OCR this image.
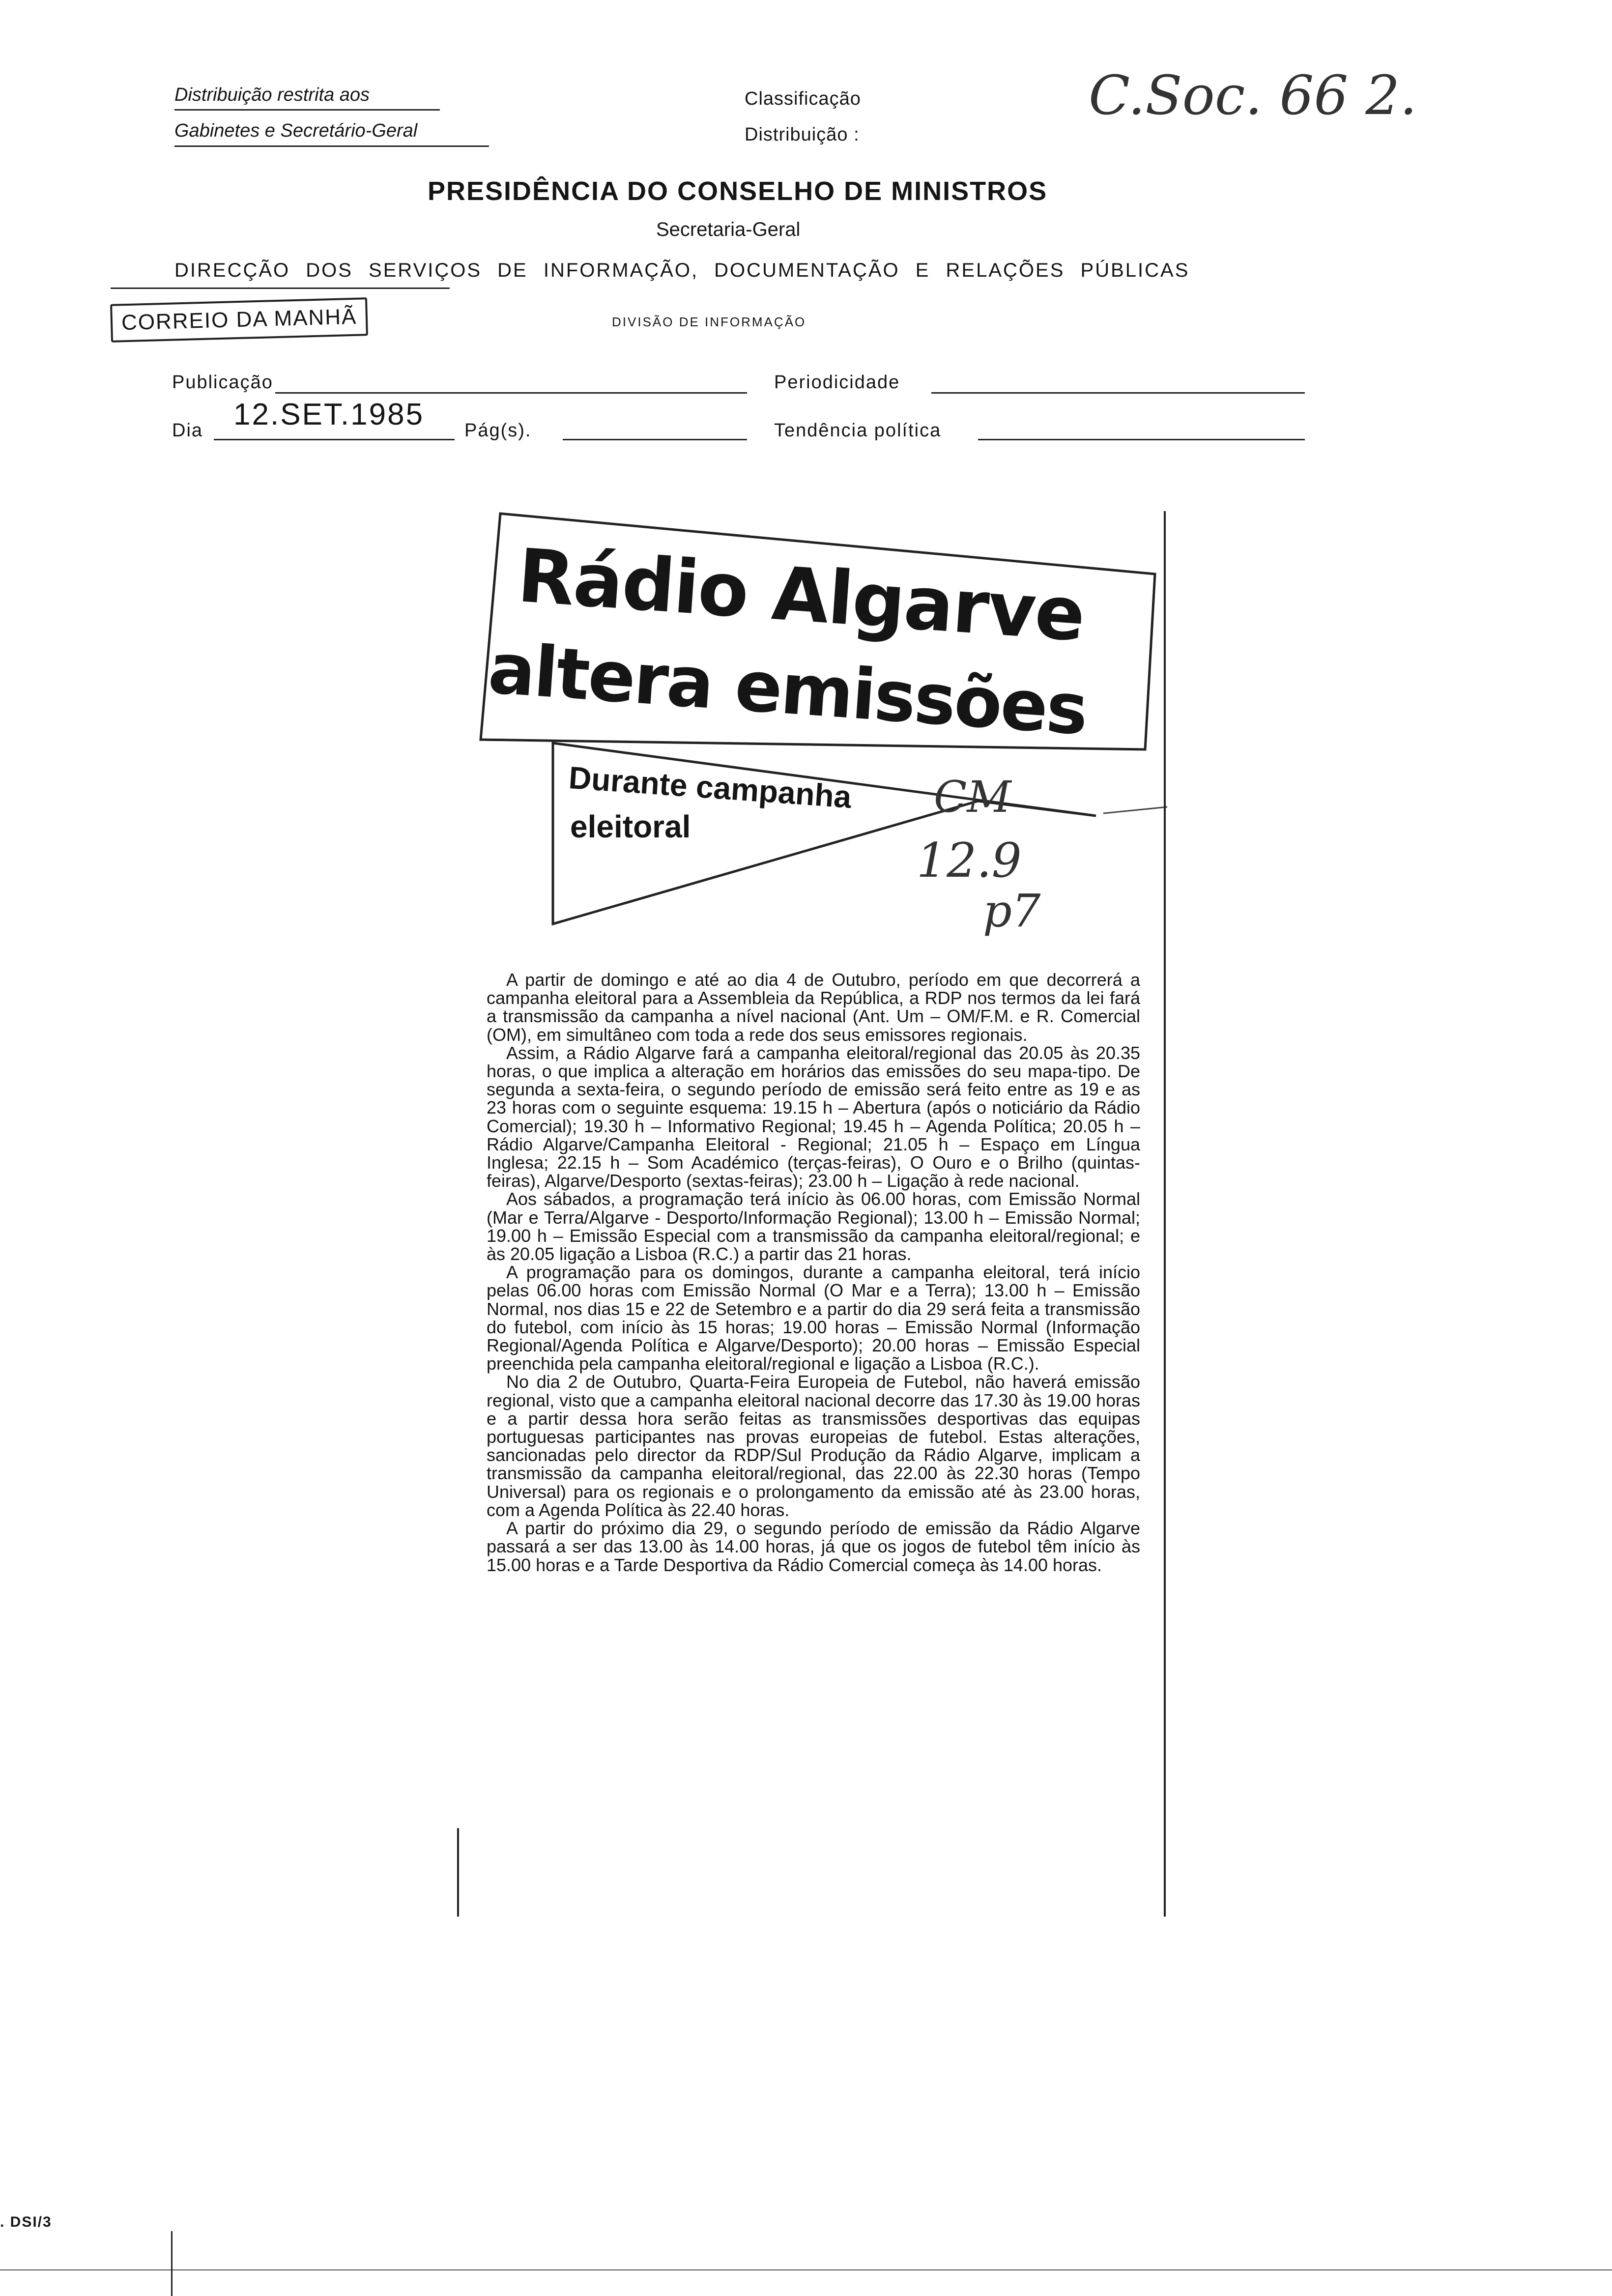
Distribuição restrita aos
Gabinetes e Secretário-Geral
Classificação
Distribuição :
C.Soc. 66 2.
PRESIDÊNCIA DO CONSELHO DE MINISTROS
Secretaria-Geral
DIRECÇÃO DOS SERVIÇOS DE INFORMAÇÃO, DOCUMENTAÇÃO E RELAÇÕES PÚBLICAS
DIVISÃO DE INFORMAÇÃO
CORREIO DA MANHÃ
Publicação	Periodicidade
Dia 12.SET.1985 Pág(s).	Tendência política
Rádio Algarve
altera emissões
Durante campanha
eleitoral
CM
12.9
p7

A partir de domingo e até ao dia 4 de Outubro, período em que decorrerá a campanha eleitoral para a Assembleia da República, a RDP nos termos da lei fará a transmissão da campanha a nível nacional (Ant. Um – OM/F.M. e R. Comercial (OM), em simultâneo com toda a rede dos seus emissores regionais.

Assim, a Rádio Algarve fará a campanha eleitoral/regional das 20.05 às 20.35 horas, o que implica a alteração em horários das emissões do seu mapa-tipo. De segunda a sexta-feira, o segundo período de emissão será feito entre as 19 e as 23 horas com o seguinte esquema: 19.15 h – Abertura (após o noticiário da Rádio Comercial); 19.30 h – Informativo Regional; 19.45 h – Agenda Política; 20.05 h – Rádio Algarve/Campanha Eleitoral - Regional; 21.05 h – Espaço em Língua Inglesa; 22.15 h – Som Académico (terças-feiras), O Ouro e o Brilho (quintas-feiras), Algarve/Desporto (sextas-feiras); 23.00 h – Ligação à rede nacional.

Aos sábados, a programação terá início às 06.00 horas, com Emissão Normal (Mar e Terra/Algarve - Desporto/Informação Regional); 13.00 h – Emissão Normal; 19.00 h – Emissão Especial com a transmissão da campanha eleitoral/regional; e às 20.05 ligação a Lisboa (R.C.) a partir das 21 horas.

A programação para os domingos, durante a campanha eleitoral, terá início pelas 06.00 horas com Emissão Normal (O Mar e a Terra); 13.00 h – Emissão Normal, nos dias 15 e 22 de Setembro e a partir do dia 29 será feita a transmissão do futebol, com início às 15 horas; 19.00 horas – Emissão Normal (Informação Regional/Agenda Política e Algarve/Desporto); 20.00 horas – Emissão Especial preenchida pela campanha eleitoral/regional e ligação a Lisboa (R.C.).

No dia 2 de Outubro, Quarta-Feira Europeia de Futebol, não haverá emissão regional, visto que a campanha eleitoral nacional decorre das 17.30 às 19.00 horas e a partir dessa hora serão feitas as transmissões desportivas das equipas portuguesas participantes nas provas europeias de futebol. Estas alterações, sancionadas pelo director da RDP/Sul Produção da Rádio Algarve, implicam a transmissão da campanha eleitoral/regional, das 22.00 às 22.30 horas (Tempo Universal) para os regionais e o prolongamento da emissão até às 23.00 horas, com a Agenda Política às 22.40 horas.

A partir do próximo dia 29, o segundo período de emissão da Rádio Algarve passará a ser das 13.00 às 14.00 horas, já que os jogos de futebol têm início às 15.00 horas e a Tarde Desportiva da Rádio Comercial começa às 14.00 horas.

. DSI/3
